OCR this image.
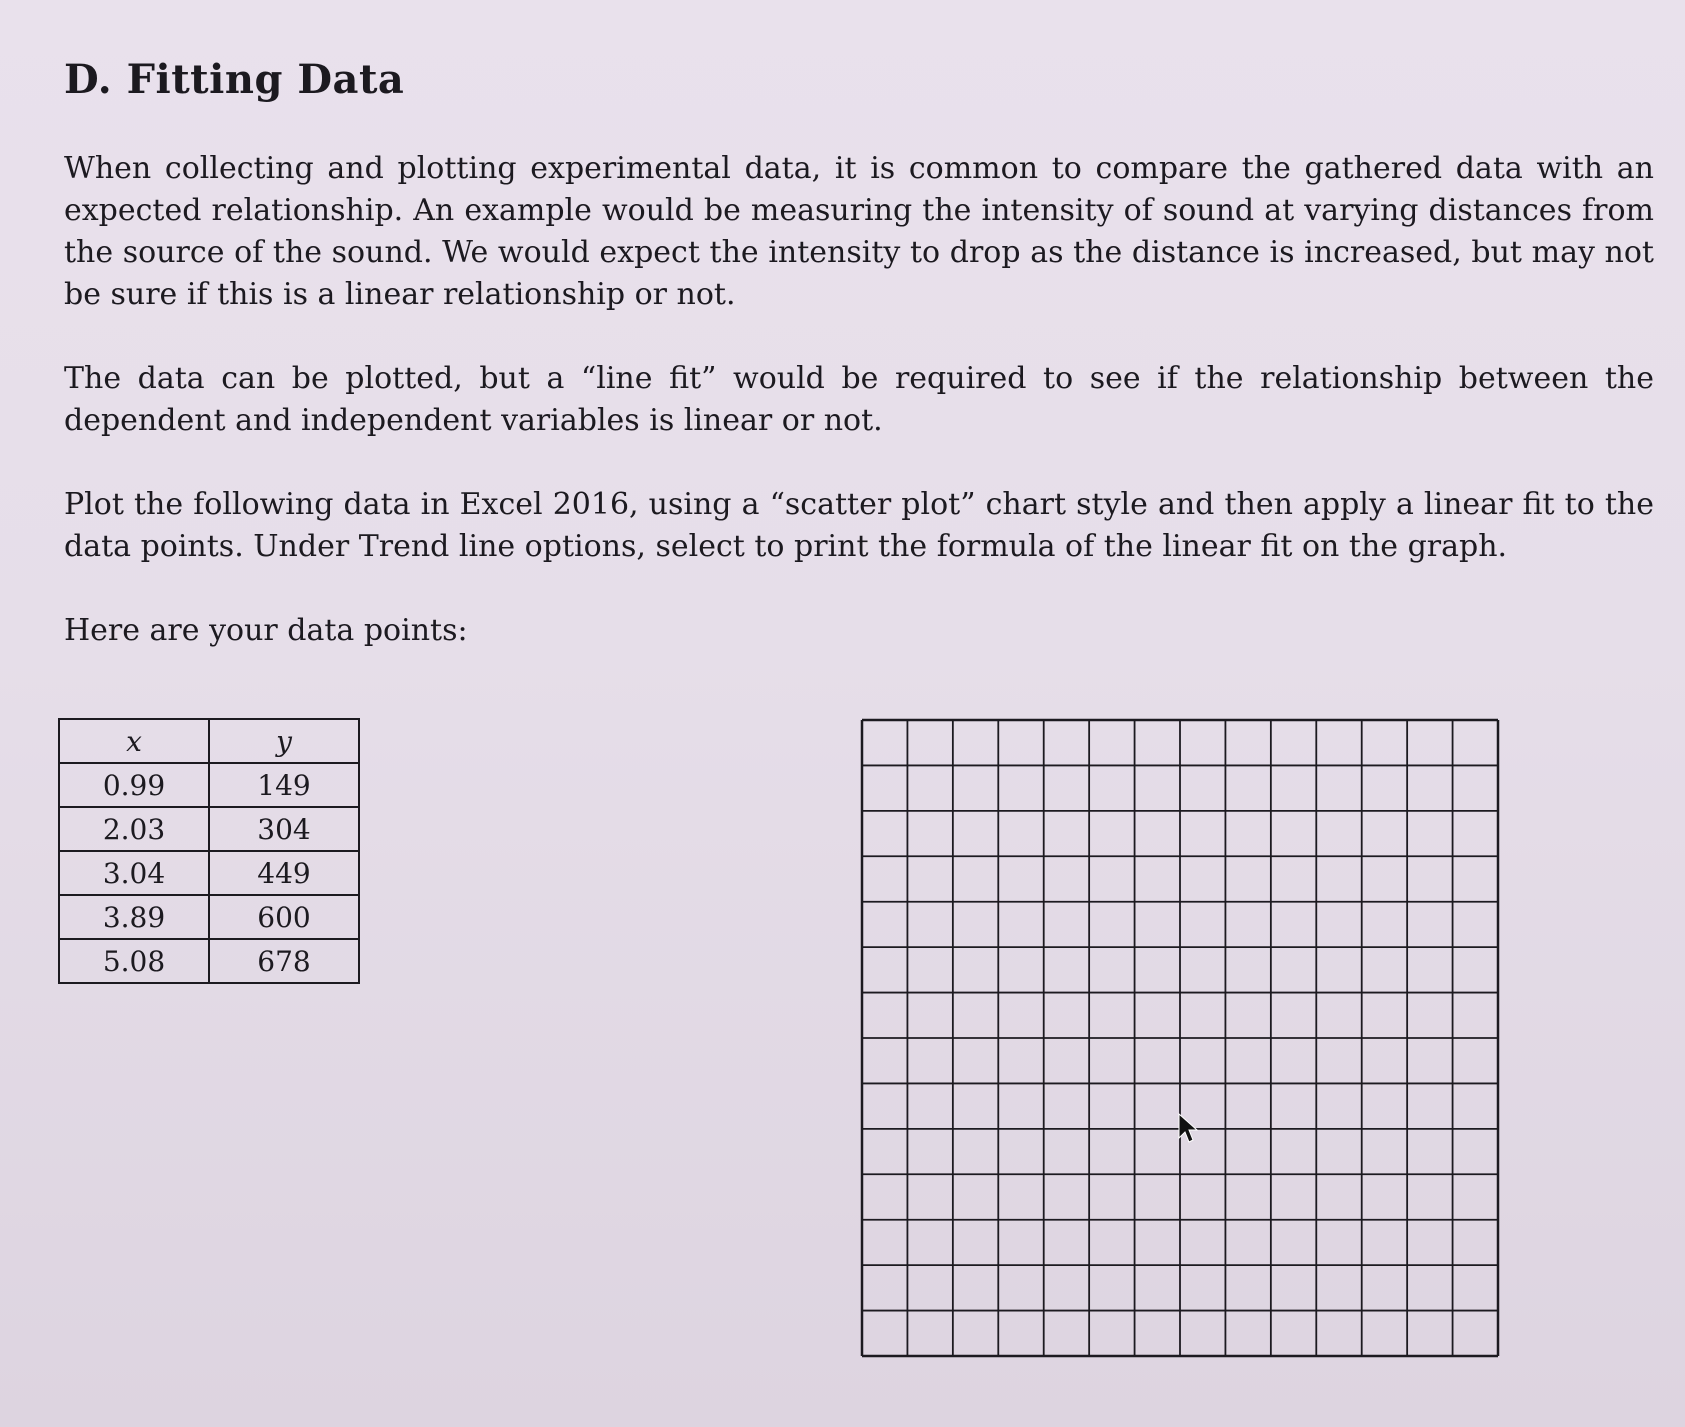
D. Fitting Data

When collecting and plotting experimental data, it is common to compare the gathered data with an expected relationship. An example would be measuring the intensity of sound at varying distances from the source of the sound. We would expect the intensity to drop as the distance is increased, but may not be sure if this is a linear relationship or not.

The data can be plotted, but a “line fit” would be required to see if the relationship between the dependent and independent variables is linear or not.

Plot the following data in Excel 2016, using a “scatter plot” chart style and then apply a linear fit to the data points. Under Trend line options, select to print the formula of the linear fit on the graph.

Here are your data points:

x	y
0.99	149
2.03	304
3.04	449
3.89	600
5.08	678
